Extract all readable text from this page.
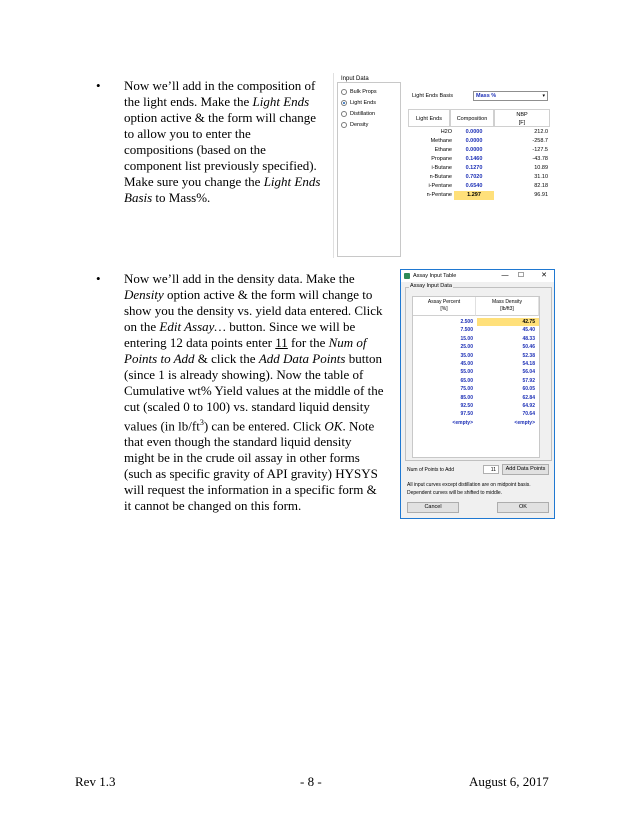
• Now we’ll add in the composition of
the light ends. Make the Light Ends
option active & the form will change
to allow you to enter the
compositions (based on the
component list previously specified).
Make sure you change the Light Ends
Basis to Mass%.
• Now we’ll add in the density data. Make the
Density option active & the form will change to
show you the density vs. yield data entered. Click
on the Edit Assay… button. Since we will be
entering 12 data points enter 11 for the Num of
Points to Add & click the Add Data Points button
(since 1 is already showing). Now the table of
Cumulative wt% Yield values at the middle of the
cut (scaled 0 to 100) vs. standard liquid density
values (in $lb/ft^3$) can be entered. Click OK. Note
that even though the standard liquid density
might be in the crude oil assay in other forms
(such as specific gravity of API gravity) HYSYS
will request the information in a specific form &
it cannot be changed on this form.
Input Data
Bulk Props
Light Ends
Distillation
Density
Light Ends Basis	Mass %	▾
Light Ends	Composition
NBP
[F]
H2O	0.0000	212.0
Methane	0.0000	-258.7
Ethane	0.0000	-127.5
Propane	0.1460	-43.78
i-Butane	0.1270	10.89
n-Butane	0.7020	31.10
i-Pentane	0.6540	82.18
n-Pentane	1.297	96.91
Assay Input Table	—	☐	✕
Assay Input Data
Assay Percent
[%]
Mass Density
[lb/ft3]
2.500	42.75
7.500	45.40
15.00	48.33
25.00	50.46
35.00	52.38
45.00	54.18
55.00	56.04
65.00	57.92
75.00	60.05
85.00	62.84
92.50	64.92
97.50	70.64
<empty>	<empty>
Num of Points to Add	11	Add Data Points
All input curves except distillation are on midpoint basis. Dependent curves will be shifted to middle.
Cancel	OK
Rev 1.3	- 8 -	August 6, 2017
